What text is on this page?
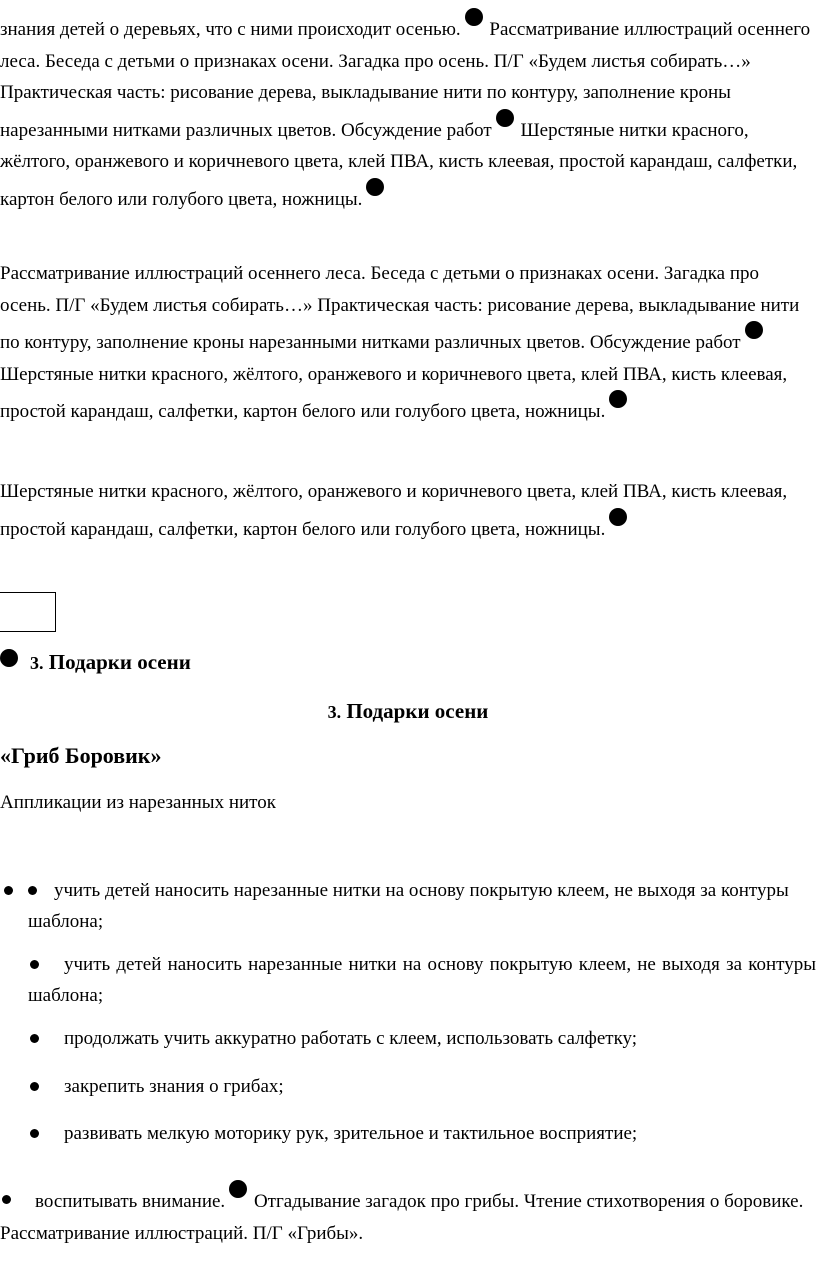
знания детей о деревьях, что с ними происходит осенью. Рассматривание иллюстраций осеннего леса. Беседа с детьми о признаках осени. Загадка про осень. П/Г «Будем листья собирать…» Практическая часть: рисование дерева, выкладывание нити по контуру, заполнение кроны нарезанными нитками различных цветов. Обсуждение работ Шерстяные нитки красного, жёлтого, оранжевого и коричневого цвета, клей ПВА, кисть клеевая, простой карандаш, салфетки, картон белого или голубого цвета, ножницы.

Рассматривание иллюстраций осеннего леса. Беседа с детьми о признаках осени. Загадка про осень. П/Г «Будем листья собирать…» Практическая часть: рисование дерева, выкладывание нити по контуру, заполнение кроны нарезанными нитками различных цветов. Обсуждение работ Шерстяные нитки красного, жёлтого, оранжевого и коричневого цвета, клей ПВА, кисть клеевая, простой карандаш, салфетки, картон белого или голубого цвета, ножницы.

Шерстяные нитки красного, жёлтого, оранжевого и коричневого цвета, клей ПВА, кисть клеевая, простой карандаш, салфетки, картон белого или голубого цвета, ножницы.

3. Подарки осени
3. Подарки осени
«Гриб Боровик»
Аппликации из нарезанных ниток
учить детей наносить нарезанные нитки на основу покрытую клеем, не выходя за контуры шаблона;
учить детей наносить нарезанные нитки на основу покрытую клеем, не выходя за контуры шаблона;
продолжать учить аккуратно работать с клеем, использовать салфетку;
закрепить знания о грибах;
развивать мелкую моторику рук, зрительное и тактильное восприятие;

воспитывать внимание. Отгадывание загадок про грибы. Чтение стихотворения о боровике. Рассматривание иллюстраций. П/Г «Грибы».
